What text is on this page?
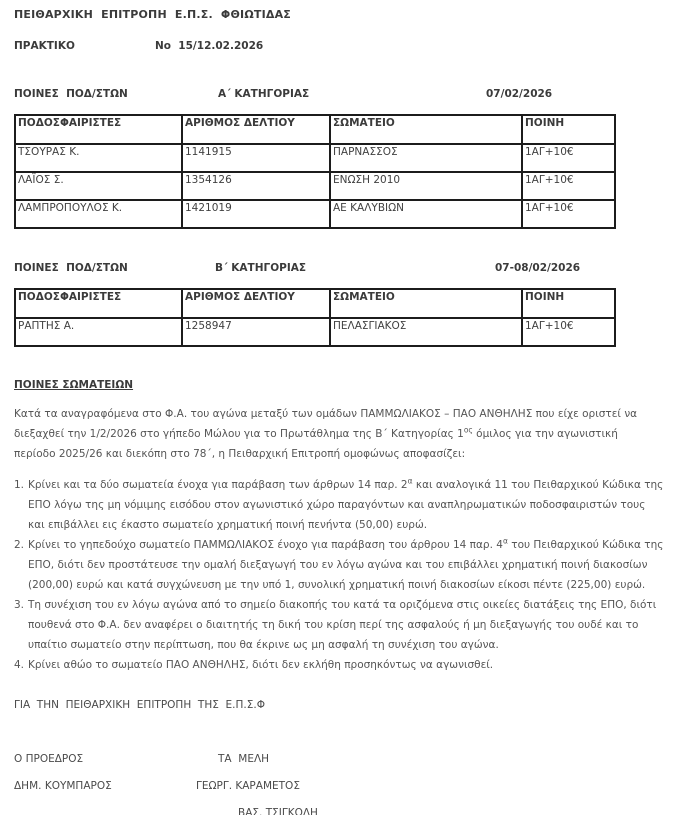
ΠΕΙΘΑΡΧΙΚΗ  ΕΠΙΤΡΟΠΗ  Ε.Π.Σ.  ΦΘΙΩΤΙΔΑΣ
ΠΡΑΚΤΙΚΟ	No  15/12.02.2026
ΠΟΙΝΕΣ  ΠΟΔ/ΣΤΩΝ	Α΄ ΚΑΤΗΓΟΡΙΑΣ	07/02/2026
ΠΟΔΟΣΦΑΙΡΙΣΤΕΣ	ΑΡΙΘΜΟΣ ΔΕΛΤΙΟΥ	ΣΩΜΑΤΕΙΟ	ΠΟΙΝΗ
ΤΣΟΥΡΑΣ Κ.	1141915	ΠΑΡΝΑΣΣΟΣ	1ΑΓ+10€
ΛΑΪΟΣ Σ.	1354126	ΕΝΩΣΗ 2010	1ΑΓ+10€
ΛΑΜΠΡΟΠΟΥΛΟΣ Κ.	1421019	ΑΕ ΚΑΛΥΒΙΩΝ	1ΑΓ+10€
ΠΟΙΝΕΣ  ΠΟΔ/ΣΤΩΝ	Β΄ ΚΑΤΗΓΟΡΙΑΣ	07-08/02/2026
ΠΟΔΟΣΦΑΙΡΙΣΤΕΣ	ΑΡΙΘΜΟΣ ΔΕΛΤΙΟΥ	ΣΩΜΑΤΕΙΟ	ΠΟΙΝΗ
ΡΑΠΤΗΣ Α.	1258947	ΠΕΛΑΣΓΙΑΚΟΣ	1ΑΓ+10€
ΠΟΙΝΕΣ ΣΩΜΑΤΕΙΩΝ

Κατά τα αναγραφόμενα στο Φ.Α. του αγώνα μεταξύ των ομάδων ΠΑΜΜΩΛΙΑΚΟΣ – ΠΑΟ ΑΝΘΗΛΗΣ που είχε οριστεί να διεξαχθεί την 1/2/2026 στο γήπεδο Μώλου για το Πρωτάθλημα της Β΄ Κατηγορίας $1^{o\varsigma}$ όμιλος για την αγωνιστική περίοδο 2025/26 και διεκόπη στο 78΄, η Πειθαρχική Επιτροπή ομοφώνως αποφασίζει:

1. Κρίνει και τα δύο σωματεία ένοχα για παράβαση των άρθρων 14 παρ. $2^\alpha$ και αναλογικά 11 του Πειθαρχικού Κώδικα της ΕΠΟ λόγω της μη νόμιμης εισόδου στον αγωνιστικό χώρο παραγόντων και αναπληρωματικών ποδοσφαιριστών τους και επιβάλλει εις έκαστο σωματείο χρηματική ποινή πενήντα (50,00) ευρώ.
2. Κρίνει το γηπεδούχο σωματείο ΠΑΜΜΩΛΙΑΚΟΣ ένοχο για παράβαση του άρθρου 14 παρ. $4^\alpha$ του Πειθαρχικού Κώδικα της ΕΠΟ, διότι δεν προστάτευσε την ομαλή διεξαγωγή του εν λόγω αγώνα και του επιβάλλει χρηματική ποινή διακοσίων (200,00) ευρώ και κατά συγχώνευση με την υπό 1, συνολική χρηματική ποινή διακοσίων είκοσι πέντε (225,00) ευρώ.
3. Τη συνέχιση του εν λόγω αγώνα από το σημείο διακοπής του κατά τα οριζόμενα στις οικείες διατάξεις της ΕΠΟ, διότι πουθενά στο Φ.Α. δεν αναφέρει ο διαιτητής τη δική του κρίση περί της ασφαλούς ή μη διεξαγωγής του ουδέ και το υπαίτιο σωματείο στην περίπτωση, που θα έκρινε ως μη ασφαλή τη συνέχιση του αγώνα.
4. Κρίνει αθώο το σωματείο ΠΑΟ ΑΝΘΗΛΗΣ, διότι δεν εκλήθη προσηκόντως να αγωνισθεί.
ΓΙΑ  ΤΗΝ  ΠΕΙΘΑΡΧΙΚΗ  ΕΠΙΤΡΟΠΗ  ΤΗΣ  Ε.Π.Σ.Φ
Ο ΠΡΟΕΔΡΟΣ	ΤΑ  ΜΕΛΗ
ΔΗΜ. ΚΟΥΜΠΑΡΟΣ	ΓΕΩΡΓ. ΚΑΡΑΜΕΤΟΣ
ΒΑΣ. ΤΣΙΓΚΟΛΗ
